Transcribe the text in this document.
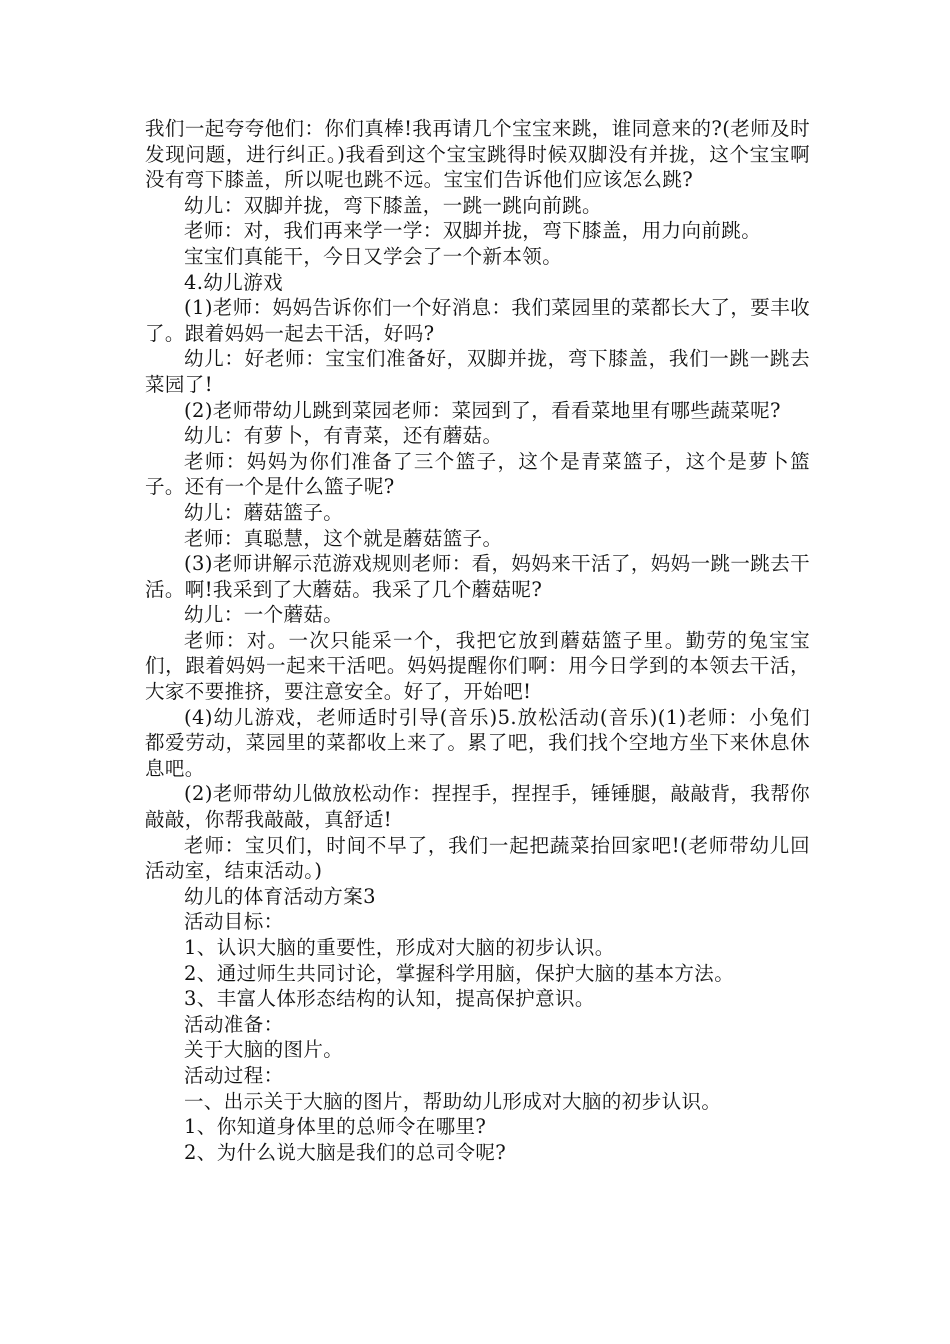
我们一起夸夸他们：你们真棒!我再请几个宝宝来跳，谁同意来的?(老师及时发现问题，进行纠正。)我看到这个宝宝跳得时候双脚没有并拢，这个宝宝啊没有弯下膝盖，所以呢也跳不远。宝宝们告诉他们应该怎么跳?

幼儿：双脚并拢，弯下膝盖，一跳一跳向前跳。

老师：对，我们再来学一学：双脚并拢，弯下膝盖，用力向前跳。

宝宝们真能干，今日又学会了一个新本领。

4.幼儿游戏

(1)老师：妈妈告诉你们一个好消息：我们菜园里的菜都长大了，要丰收了。跟着妈妈一起去干活，好吗?

幼儿：好老师：宝宝们准备好，双脚并拢，弯下膝盖，我们一跳一跳去菜园了!

(2)老师带幼儿跳到菜园老师：菜园到了，看看菜地里有哪些蔬菜呢?

幼儿：有萝卜，有青菜，还有蘑菇。

老师：妈妈为你们准备了三个篮子，这个是青菜篮子，这个是萝卜篮子。还有一个是什么篮子呢?

幼儿：蘑菇篮子。

老师：真聪慧，这个就是蘑菇篮子。

(3)老师讲解示范游戏规则老师：看，妈妈来干活了，妈妈一跳一跳去干活。啊!我采到了大蘑菇。我采了几个蘑菇呢?

幼儿：一个蘑菇。

老师：对。一次只能采一个，我把它放到蘑菇篮子里。勤劳的兔宝宝们，跟着妈妈一起来干活吧。妈妈提醒你们啊：用今日学到的本领去干活，大家不要推挤，要注意安全。好了，开始吧!

(4)幼儿游戏，老师适时引导(音乐)5.放松活动(音乐)(1)老师：小兔们都爱劳动，菜园里的菜都收上来了。累了吧，我们找个空地方坐下来休息休息吧。

(2)老师带幼儿做放松动作：捏捏手，捏捏手，锤锤腿，敲敲背，我帮你敲敲，你帮我敲敲，真舒适!

老师：宝贝们，时间不早了，我们一起把蔬菜抬回家吧!(老师带幼儿回活动室，结束活动。)

幼儿的体育活动方案3

活动目标：

1、认识大脑的重要性，形成对大脑的初步认识。

2、通过师生共同讨论，掌握科学用脑，保护大脑的基本方法。

3、丰富人体形态结构的认知，提高保护意识。

活动准备：

关于大脑的图片。

活动过程：

一、出示关于大脑的图片，帮助幼儿形成对大脑的初步认识。

1、你知道身体里的总师令在哪里?

2、为什么说大脑是我们的总司令呢?
